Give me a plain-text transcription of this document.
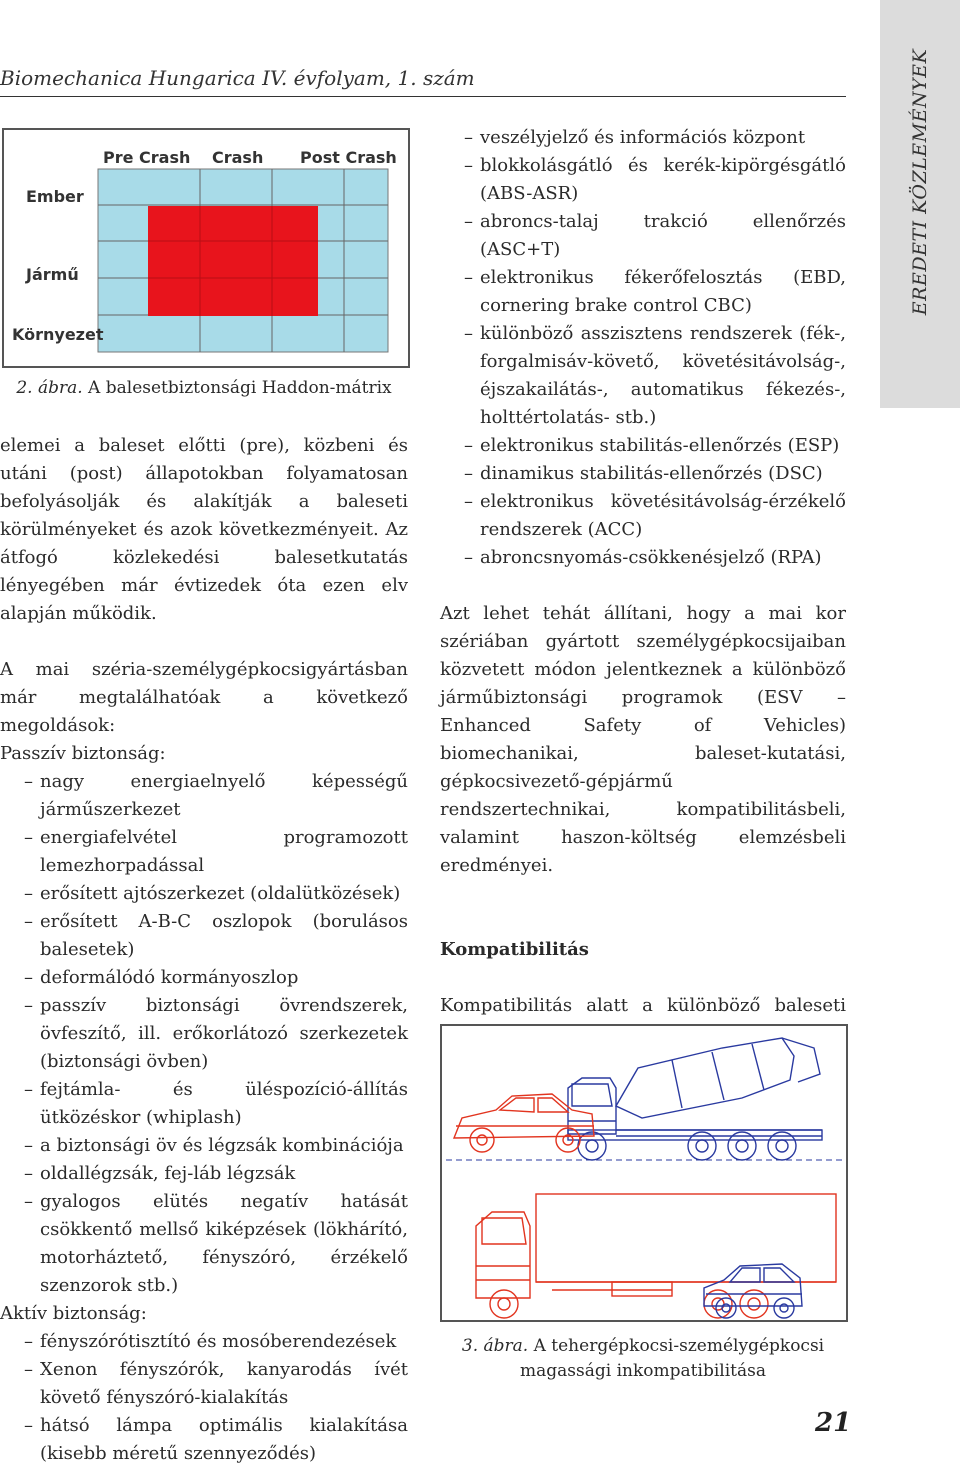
EREDETI KÖZLEMÉNYEK
Biomechanica Hungarica IV. évfolyam, 1. szám
Pre Crash Crash Post Crash
Ember
Jármű
Környezet
2. ábra. A balesetbiztonsági Haddon-mátrix

elemei a baleset előtti (pre), közbeni és utáni (post) állapotokban folyamatosan befolyásolják és alakítják a baleseti körülményeket és azok következményeit. Az átfogó közlekedési balesetkutatás lényegében már évtizedek óta ezen elv alapján működik.

A mai széria-személygépkocsigyártásban már megtalálhatóak a következő megoldások:

Passzív biztonság:

– nagy energiaelnyelő képességű járműszerkezet
– energiafelvétel programozott lemezhorpadással
– erősített ajtószerkezet (oldalütközések)
– erősített A-B-C oszlopok (borulásos balesetek)
– deformálódó kormányoszlop
– passzív biztonsági övrendszerek, övfeszítő, ill. erőkorlátozó szerkezetek (biztonsági övben)
– fejtámla- és üléspozíció-állítás ütközéskor (whiplash)
– a biztonsági öv és légzsák kombinációja
– oldallégzsák, fej-láb légzsák
– gyalogos elütés negatív hatását csökkentő mellső kiképzések (lökhárító, motorháztető, fényszóró, érzékelő szenzorok stb.)

Aktív biztonság:

– fényszórótisztító és mosóberendezések
– Xenon fényszórók, kanyarodás ívét követő fényszóró-kialakítás
– hátsó lámpa optimális kialakítása (kisebb méretű szennyeződés)
– veszélyjelző és információs központ
– blokkolásgátló és kerék-kipörgésgátló (ABS-ASR)
– abroncs-talaj trakció ellenőrzés (ASC+T)
– elektronikus fékerőfelosztás (EBD, cornering brake control CBC)
– különböző asszisztens rendszerek (fék-, forgalmisáv-követő, követésitávolság-, éjszakailátás-, automatikus fékezés-, holttértolatás- stb.)
– elektronikus stabilitás-ellenőrzés (ESP)
– dinamikus stabilitás-ellenőrzés (DSC)
– elektronikus követésitávolság-érzékelő rendszerek (ACC)
– abroncsnyomás-csökkenésjelző (RPA)

Azt lehet tehát állítani, hogy a mai kor szériában gyártott személygépkocsijaiban közvetett módon jelentkeznek a különböző járműbiztonsági programok (ESV – Enhanced Safety of Vehicles) biomechanikai, baleset-kutatási, gépkocsivezető-gépjármű rendszertechnikai, kompatibilitásbeli, valamint haszon-költség elemzésbeli eredményei.

Kompatibilitás

Kompatibilitás alatt a különböző baleseti

3. ábra. A tehergépkocsi-személygépkocsi magassági inkompatibilitása
21
